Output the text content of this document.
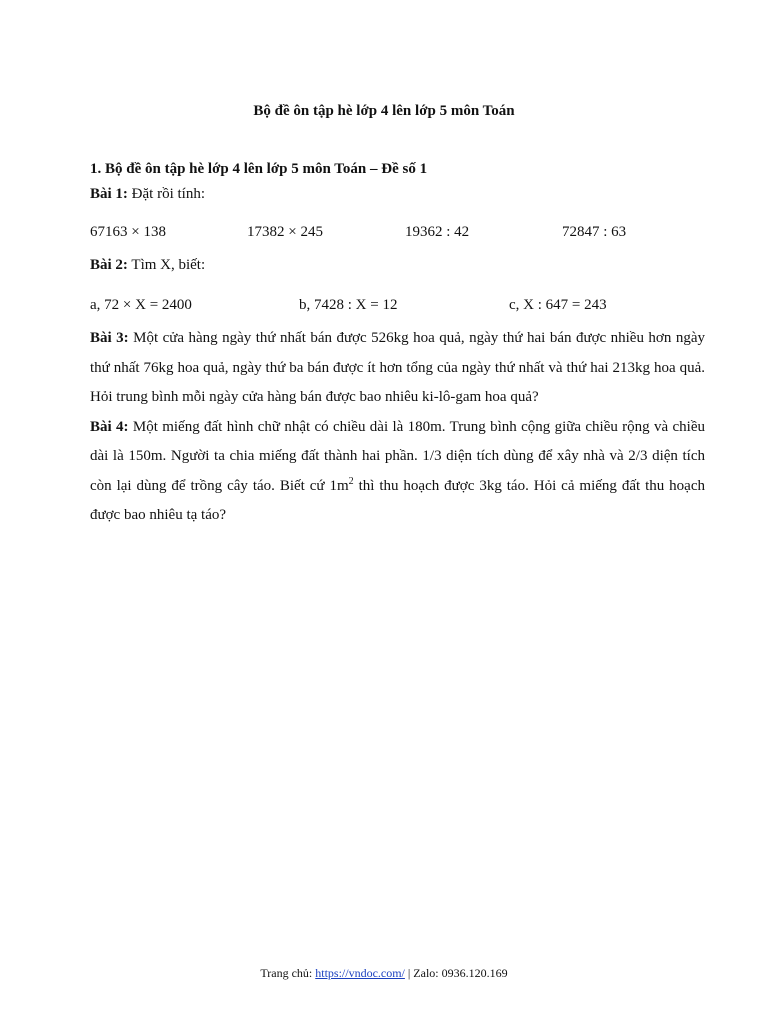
Bộ đề ôn tập hè lớp 4 lên lớp 5 môn Toán

1. Bộ đề ôn tập hè lớp 4 lên lớp 5 môn Toán – Đề số 1

Bài 1: Đặt rồi tính:

67163 × 138	17382 × 245	19362 : 42	72847 : 63

Bài 2: Tìm X, biết:

a, 72 × X = 2400	b, 7428 : X = 12	c, X : 647 = 243

Bài 3: Một cửa hàng ngày thứ nhất bán được 526kg hoa quả, ngày thứ hai bán được nhiều hơn ngày thứ nhất 76kg hoa quả, ngày thứ ba bán được ít hơn tổng của ngày thứ nhất và thứ hai 213kg hoa quả. Hỏi trung bình mỗi ngày cửa hàng bán được bao nhiêu ki-lô-gam hoa quả?

Bài 4: Một miếng đất hình chữ nhật có chiều dài là 180m. Trung bình cộng giữa chiều rộng và chiều dài là 150m. Người ta chia miếng đất thành hai phần. 1/3 diện tích dùng để xây nhà và 2/3 diện tích còn lại dùng để trồng cây táo. Biết cứ $1m^2$ thì thu hoạch được 3kg táo. Hỏi cả miếng đất thu hoạch được bao nhiêu tạ táo?

Trang chủ: https://vndoc.com/ | Zalo: 0936.120.169
